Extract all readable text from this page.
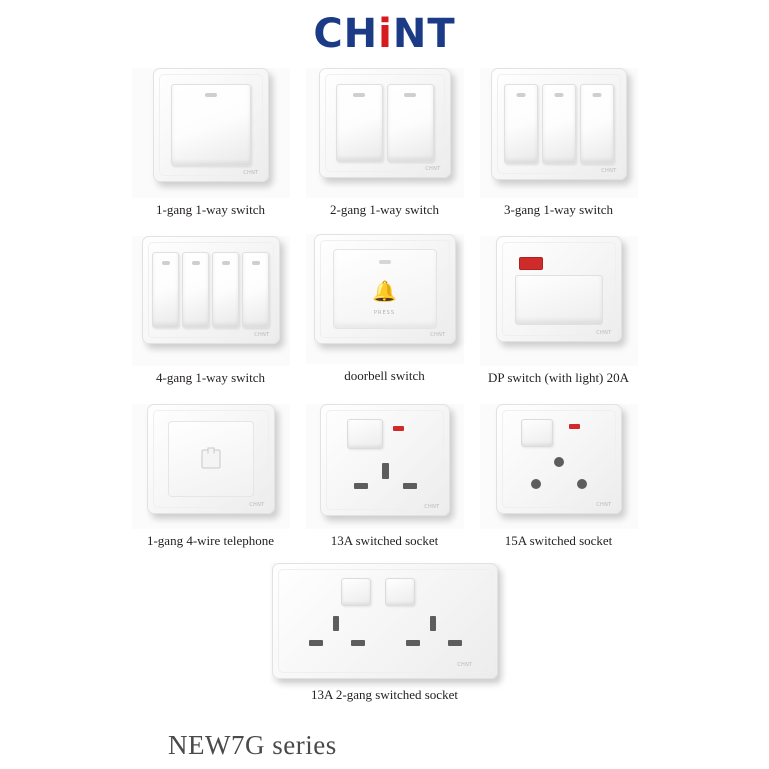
CHiNT
CHNT
1-gang 1-way switch
CHNT
2-gang 1-way switch
CHNT
3-gang 1-way switch
CHNT
4-gang 1-way switch
🔔
PRESS
CHNT
doorbell switch
CHNT
DP switch (with light) 20A
CHNT
1-gang 4-wire telephone
CHNT
13A switched socket
CHNT
15A switched socket
CHNT
13A 2-gang switched socket
NEW7G series
